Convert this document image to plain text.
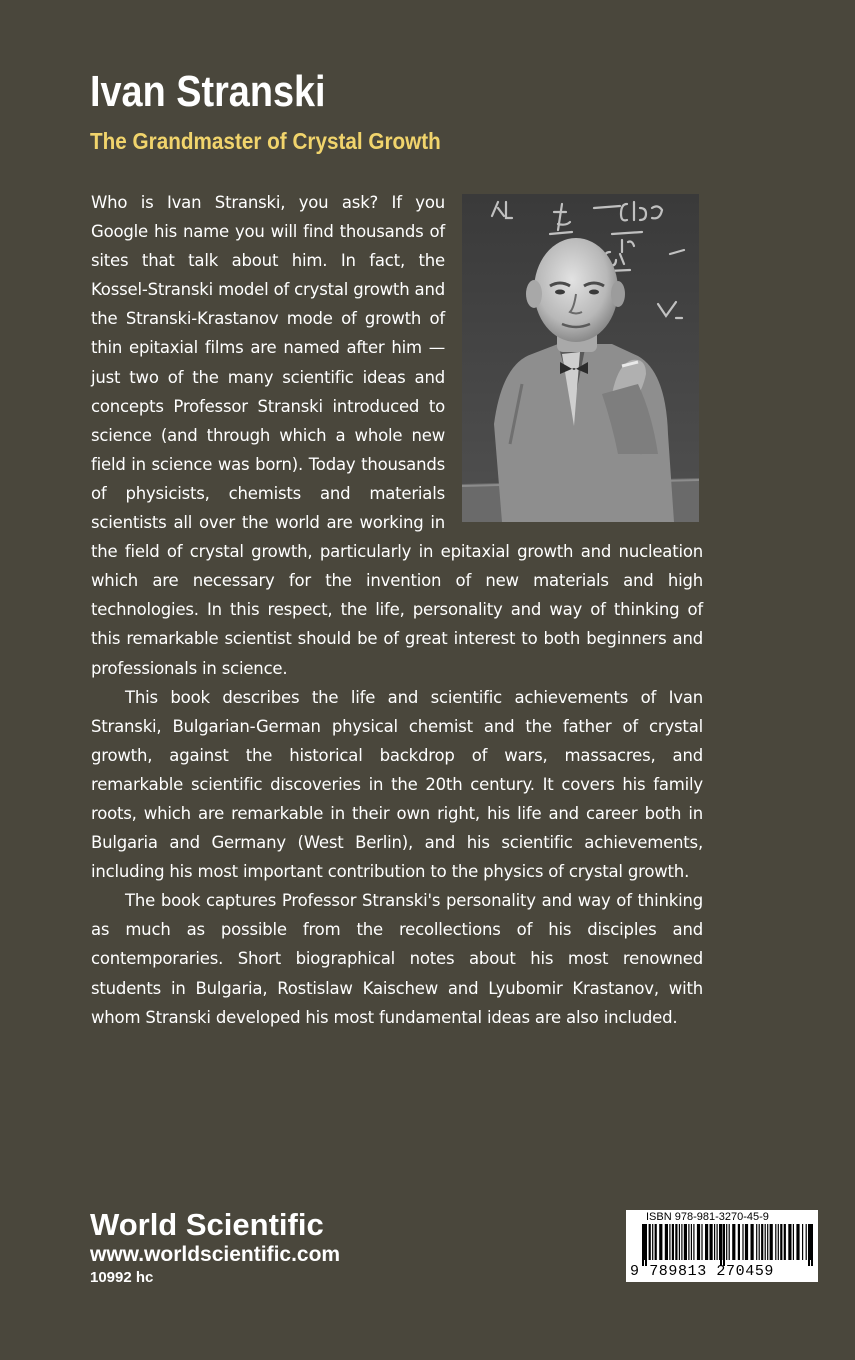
Ivan Stranski
The Grandmaster of Crystal Growth

Who is Ivan Stranski, you ask? If you Google his name you will find thousands of sites that talk about him. In fact, the Kossel-Stranski model of crystal growth and the Stranski-Krastanov mode of growth of thin epitaxial films are named after him — just two of the many scientific ideas and concepts Professor Stranski introduced to science (and through which a whole new field in science was born). Today thousands of physicists, chemists and materials scientists all over the world are working in the field of crystal growth, particularly in epitaxial growth and nucleation which are necessary for the invention of new materials and high technologies. In this respect, the life, personality and way of thinking of this remarkable scientist should be of great interest to both beginners and professionals in science.

This book describes the life and scientific achievements of Ivan Stranski, Bulgarian-German physical chemist and the father of crystal growth, against the historical backdrop of wars, massacres, and remarkable scientific discoveries in the 20th century. It covers his family roots, which are remarkable in their own right, his life and career both in Bulgaria and Germany (West Berlin), and his scientific achievements, including his most important contribution to the physics of crystal growth.

The book captures Professor Stranski's personality and way of thinking as much as possible from the recollections of his disciples and contemporaries. Short biographical notes about his most renowned students in Bulgaria, Rostislaw Kaischew and Lyubomir Krastanov, with whom Stranski developed his most fundamental ideas are also included.

World Scientific
www.worldscientific.com
10992 hc
ISBN 978-981-3270-45-9
9 789813 270459
